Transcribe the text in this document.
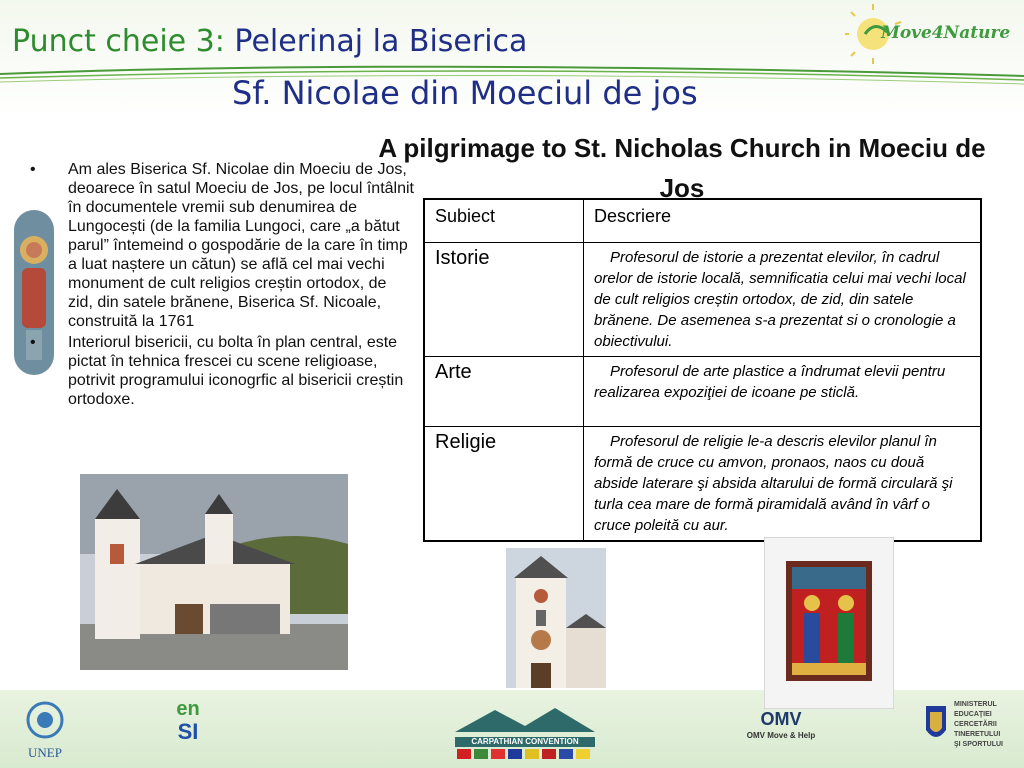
Punct cheie 3: Pelerinaj la Biserica
Sf. Nicolae din Moeciul de jos
Move4Nature
A pilgrimage to St. Nicholas Church in Moeciu de Jos
• Am ales Biserica Sf. Nicolae din Moeciu de Jos, deoarece în satul Moeciu de Jos, pe locul întâlnit în documentele vremii sub denumirea de Lungocești (de la familia Lungoci, care „a bătut parul” întemeind o gospodărie de la care în timp a luat naștere un cătun) se află cel mai vechi monument de cult religios creștin ortodox, de zid, din satele brănene, Biserica Sf. Nicoale, construită la 1761
• Interiorul bisericii, cu bolta în plan central, este pictat în tehnica frescei cu scene religioase, potrivit programului iconogrfic al bisericii creștin ortodoxe.
Subiect	Descriere
Istorie	Profesorul de istorie a prezentat elevilor, în cadrul orelor de istorie locală, semnificatia celui mai vechi local de cult religios creștin ortodox, de zid, din satele brănene. De asemenea s-a prezentat si o cronologie a obiectivului.
Arte	Profesorul de arte plastice a îndrumat elevii pentru realizarea expoziţiei de icoane pe sticlă.
Religie	Profesorul de religie le-a descris elevilor planul în formă de cruce cu amvon, pronaos, naos cu două abside laterare şi absida altarului de formă circulară şi turla cea mare de formă piramidală având în vârf o cruce poleită cu aur.
UNEP
en
SI	CARPATHIAN CONVENTION
OMV
OMV Move & Help
MINISTERUL
EDUCAŢIEI
CERCETĂRII
TINERETULUI
ŞI SPORTULUI
